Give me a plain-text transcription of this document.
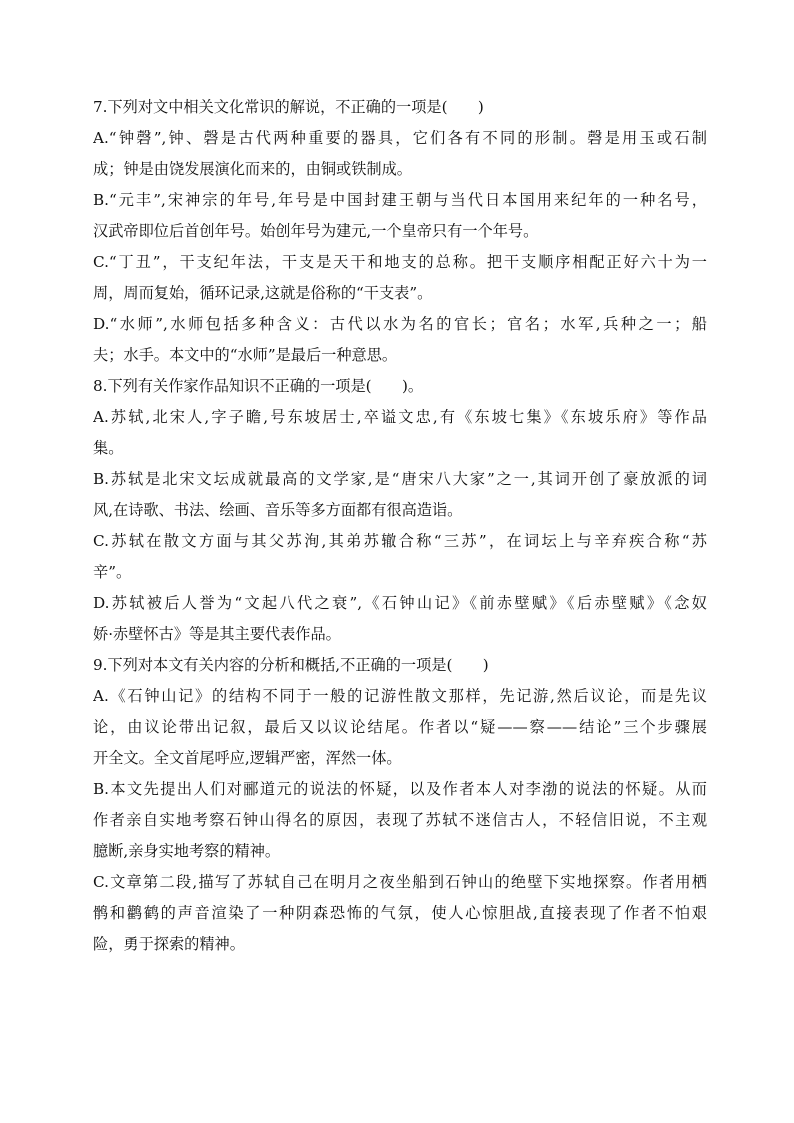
7.下列对文中相关文化常识的解说，不正确的一项是(　　)
A.“钟磬”,钟、磬是古代两种重要的器具，它们各有不同的形制。磬是用玉或石制
成；钟是由饶发展演化而来的，由铜或铁制成。
B.“元丰”,宋神宗的年号,年号是中国封建王朝与当代日本国用来纪年的一种名号，
汉武帝即位后首创年号。始创年号为建元,一个皇帝只有一个年号。
C.“丁丑”，干支纪年法，干支是天干和地支的总称。把干支顺序相配正好六十为一
周，周而复始，循环记录,这就是俗称的“干支表”。
D.“水师”,水师包括多种含义：古代以水为名的官长；官名；水军,兵种之一；船
夫；水手。本文中的“水师”是最后一种意思。
8.下列有关作家作品知识不正确的一项是(　　)。
A.苏轼,北宋人,字子瞻,号东坡居士,卒谥文忠,有《东坡七集》《东坡乐府》等作品
集。
B.苏轼是北宋文坛成就最高的文学家,是“唐宋八大家”之一,其词开创了豪放派的词
风,在诗歌、书法、绘画、音乐等多方面都有很高造诣。
C.苏轼在散文方面与其父苏洵,其弟苏辙合称“三苏”，在词坛上与辛弃疾合称“苏
辛”。
D.苏轼被后人誉为“文起八代之衰”,《石钟山记》《前赤壁赋》《后赤壁赋》《念奴
娇·赤壁怀古》等是其主要代表作品。
9.下列对本文有关内容的分析和概括,不正确的一项是(　　)
A.《石钟山记》的结构不同于一般的记游性散文那样，先记游,然后议论，而是先议
论，由议论带出记叙，最后又以议论结尾。作者以“疑——察——结论”三个步骤展
开全文。全文首尾呼应,逻辑严密，浑然一体。
B.本文先提出人们对郦道元的说法的怀疑，以及作者本人对李渤的说法的怀疑。从而
作者亲自实地考察石钟山得名的原因，表现了苏轼不迷信古人，不轻信旧说，不主观
臆断,亲身实地考察的精神。
C.文章第二段,描写了苏轼自己在明月之夜坐船到石钟山的绝壁下实地探察。作者用栖
鹘和鹳鹤的声音渲染了一种阴森恐怖的气氛，使人心惊胆战,直接表现了作者不怕艰
险，勇于探索的精神。
